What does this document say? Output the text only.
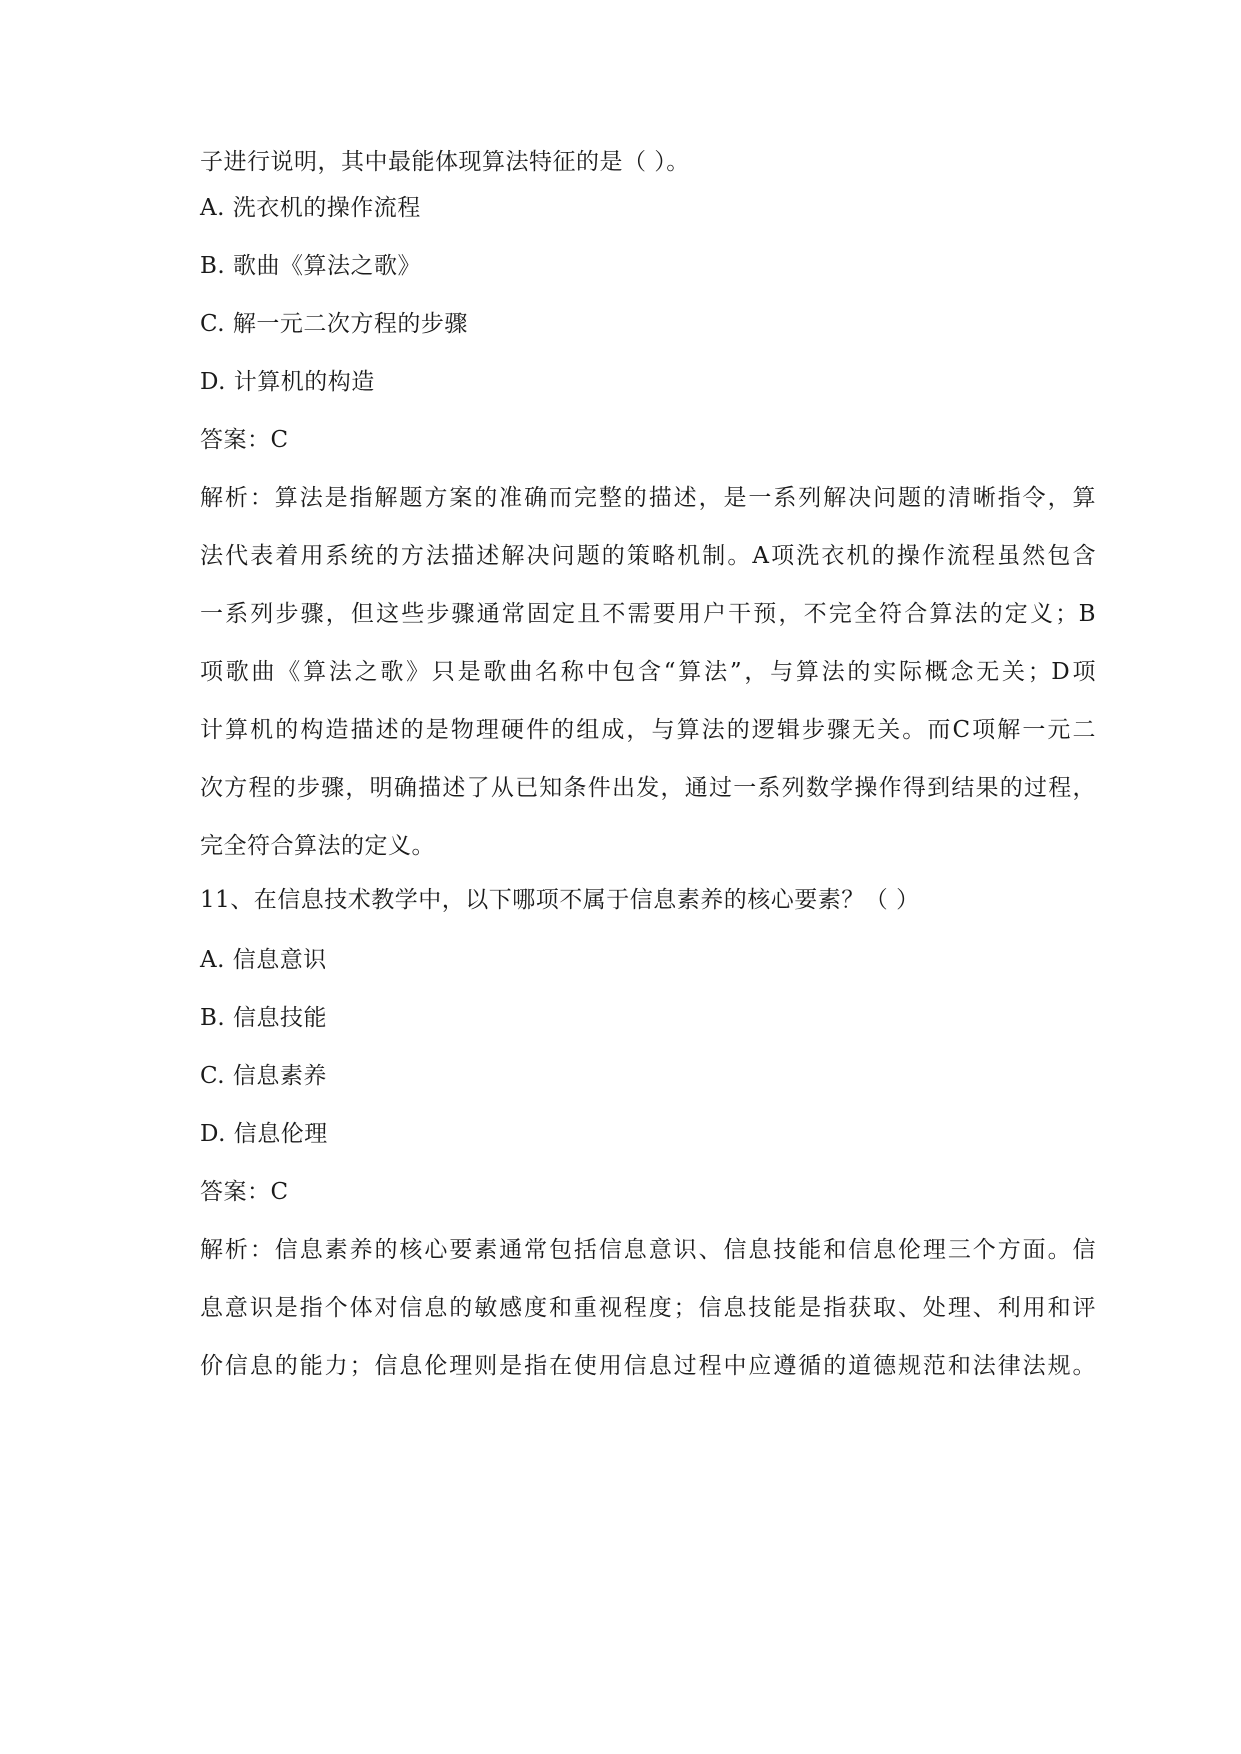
子进行说明，其中最能体现算法特征的是（ ）。
A. 洗衣机的操作流程
B. 歌曲《算法之歌》
C. 解一元二次方程的步骤
D. 计算机的构造
答案：C
解析：算法是指解题方案的准确而完整的描述，是一系列解决问题的清晰指令，算
法代表着用系统的方法描述解决问题的策略机制。A项洗衣机的操作流程虽然包含
一系列步骤，但这些步骤通常固定且不需要用户干预，不完全符合算法的定义；B
项歌曲《算法之歌》只是歌曲名称中包含“算法”，与算法的实际概念无关；D项
计算机的构造描述的是物理硬件的组成，与算法的逻辑步骤无关。而C项解一元二
次方程的步骤，明确描述了从已知条件出发，通过一系列数学操作得到结果的过程，
完全符合算法的定义。
11、在信息技术教学中，以下哪项不属于信息素养的核心要素？（ ）
A. 信息意识
B. 信息技能
C. 信息素养
D. 信息伦理
答案：C
解析：信息素养的核心要素通常包括信息意识、信息技能和信息伦理三个方面。信
息意识是指个体对信息的敏感度和重视程度；信息技能是指获取、处理、利用和评
价信息的能力；信息伦理则是指在使用信息过程中应遵循的道德规范和法律法规。
